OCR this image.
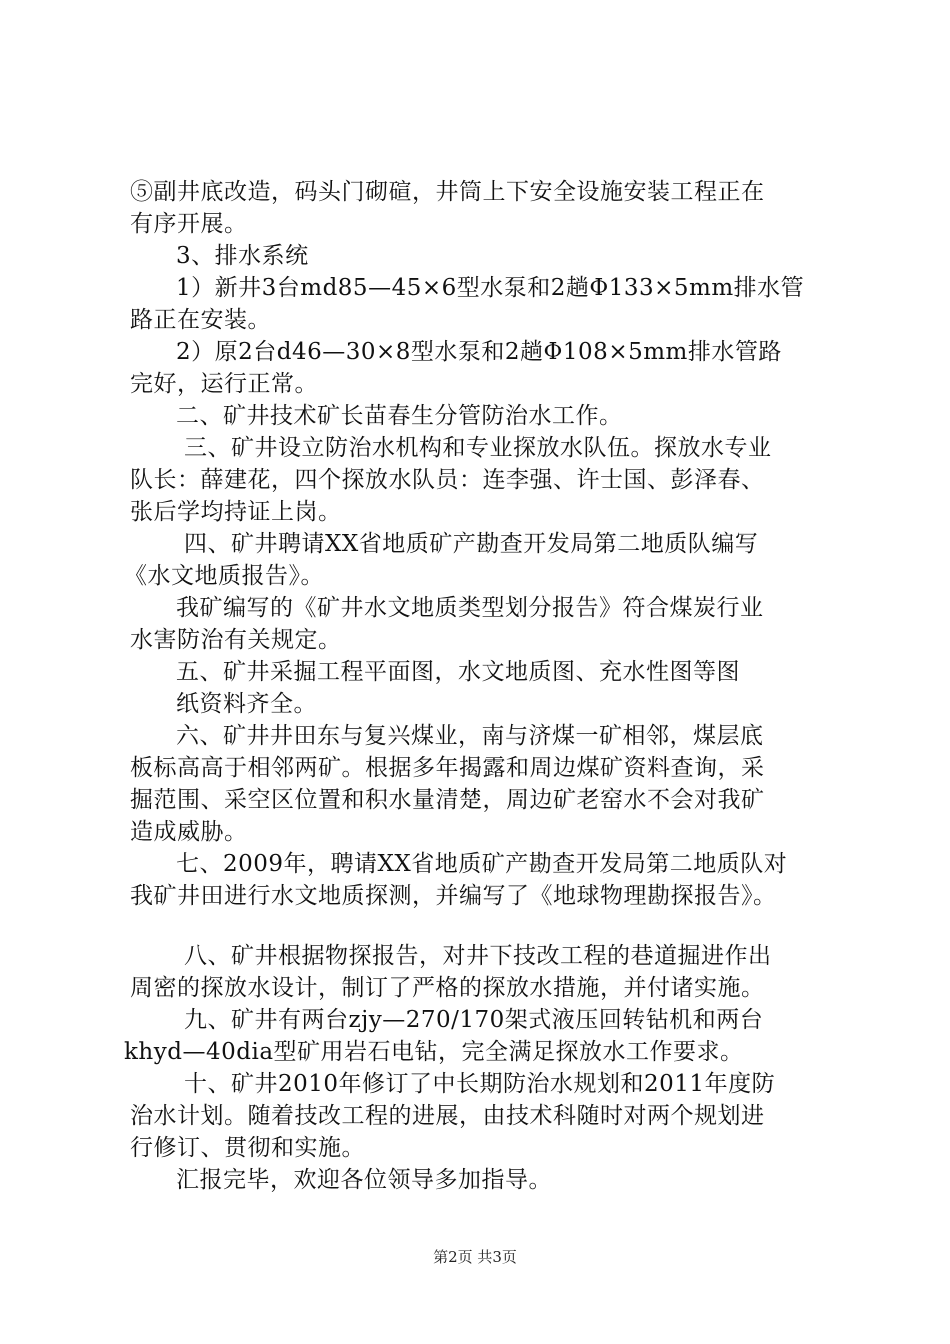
⑤副井底改造，码头门砌碹，井筒上下安全设施安装工程正在
有序开展。
3、排水系统
1）新井3台md85—45×6型水泵和2趟Φ133×5mm排水管
路正在安装。
2）原2台d46—30×8型水泵和2趟Φ108×5mm排水管路
完好，运行正常。
二、矿井技术矿长苗春生分管防治水工作。
三、矿井设立防治水机构和专业探放水队伍。探放水专业
队长：薛建花，四个探放水队员：连李强、许士国、彭泽春、
张后学均持证上岗。
四、矿井聘请XX省地质矿产勘查开发局第二地质队编写
《水文地质报告》。
我矿编写的《矿井水文地质类型划分报告》符合煤炭行业
水害防治有关规定。
五、矿井采掘工程平面图，水文地质图、充水性图等图
纸资料齐全。
六、矿井井田东与复兴煤业，南与济煤一矿相邻，煤层底
板标高高于相邻两矿。根据多年揭露和周边煤矿资料查询，采
掘范围、采空区位置和积水量清楚，周边矿老窑水不会对我矿
造成威胁。
七、2009年，聘请XX省地质矿产勘查开发局第二地质队对
我矿井田进行水文地质探测，并编写了《地球物理勘探报告》。
八、矿井根据物探报告，对井下技改工程的巷道掘进作出
周密的探放水设计，制订了严格的探放水措施，并付诸实施。
九、矿井有两台zjy—270/170架式液压回转钻机和两台
khyd—40dia型矿用岩石电钻，完全满足探放水工作要求。
十、矿井2010年修订了中长期防治水规划和2011年度防
治水计划。随着技改工程的进展，由技术科随时对两个规划进
行修订、贯彻和实施。
汇报完毕，欢迎各位领导多加指导。
第2页 共3页
